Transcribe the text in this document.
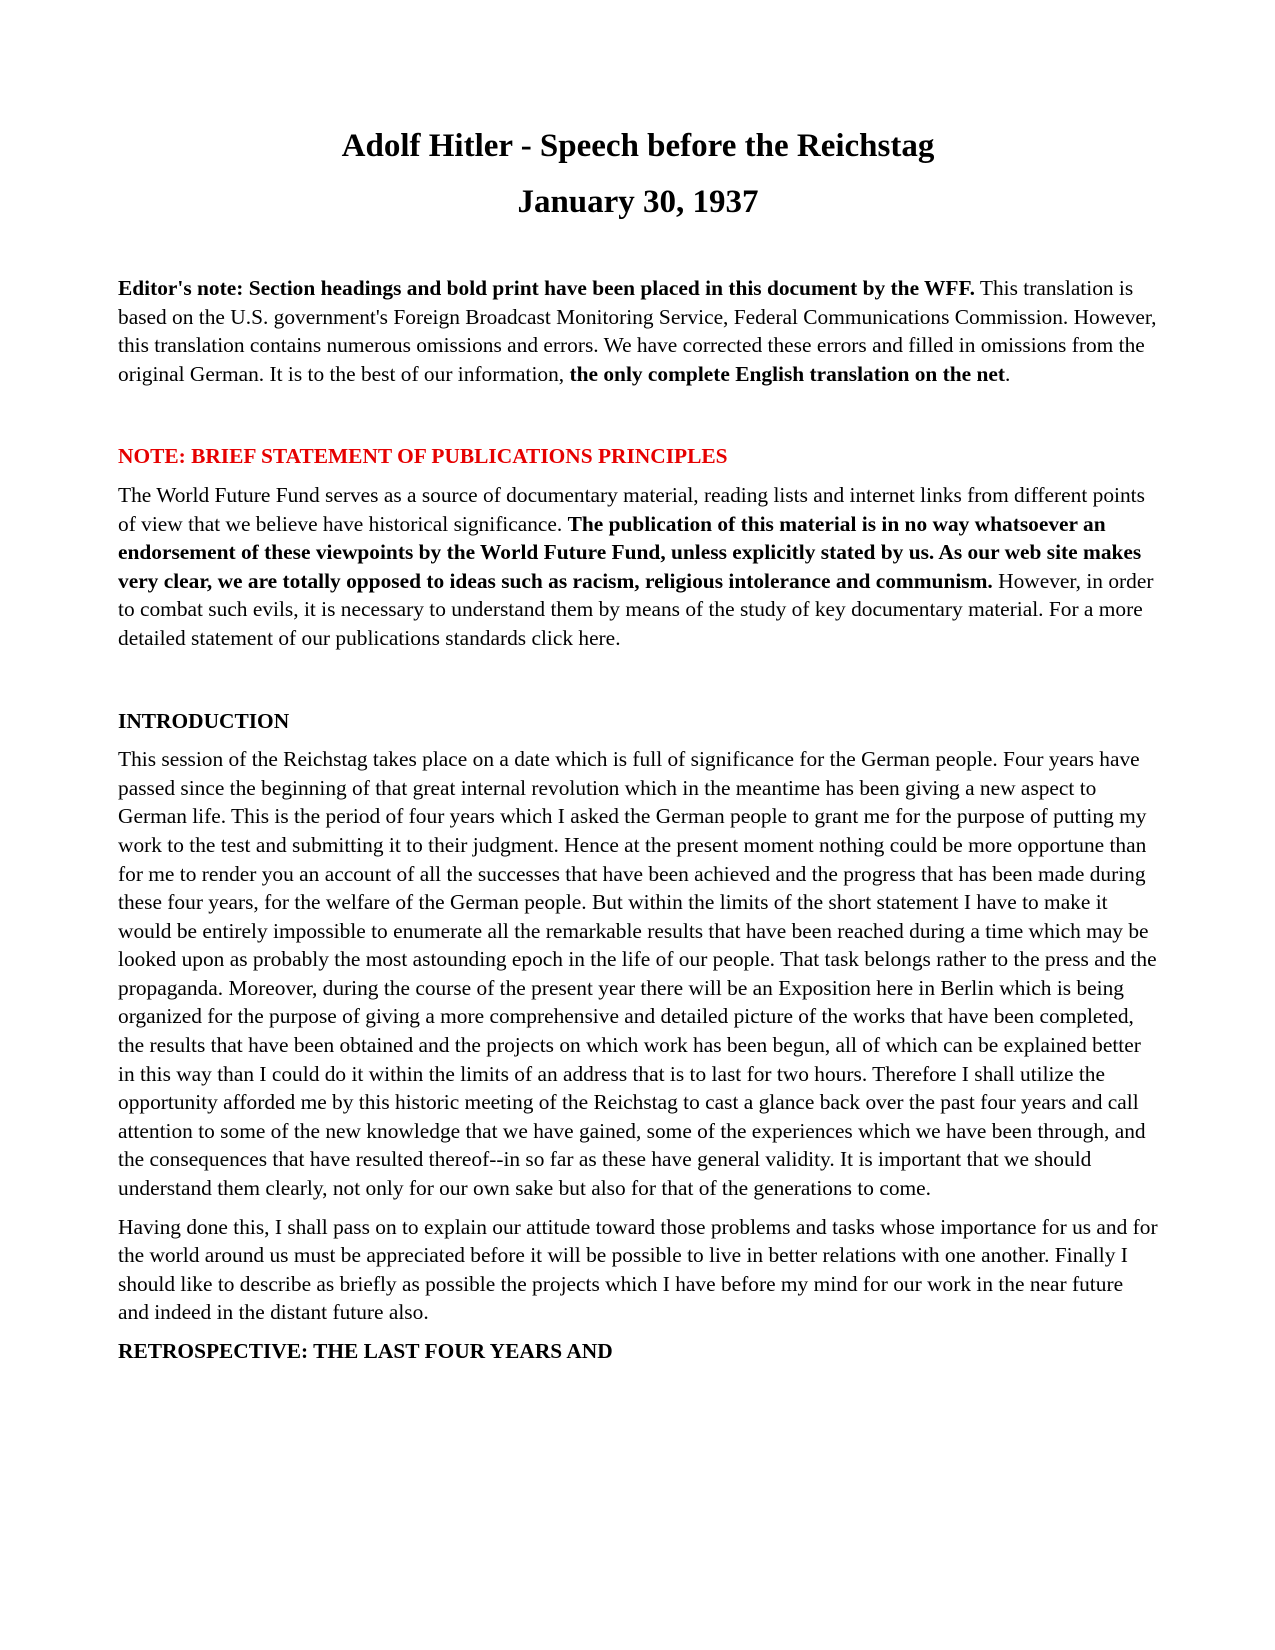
Adolf Hitler - Speech before the Reichstag
January 30, 1937

Editor's note: Section headings and bold print have been placed in this document by the WFF. This translation is based on the U.S. government's Foreign Broadcast Monitoring Service, Federal Communications Commission. However, this translation contains numerous omissions and errors. We have corrected these errors and filled in omissions from the original German. It is to the best of our information, the only complete English translation on the net.

NOTE: BRIEF STATEMENT OF PUBLICATIONS PRINCIPLES

The World Future Fund serves as a source of documentary material, reading lists and internet links from different points of view that we believe have historical significance. The publication of this material is in no way whatsoever an endorsement of these viewpoints by the World Future Fund, unless explicitly stated by us. As our web site makes very clear, we are totally opposed to ideas such as racism, religious intolerance and communism. However, in order to combat such evils, it is necessary to understand them by means of the study of key documentary material. For a more detailed statement of our publications standards click here.

INTRODUCTION

This session of the Reichstag takes place on a date which is full of significance for the German people. Four years have passed since the beginning of that great internal revolution which in the meantime has been giving a new aspect to German life. This is the period of four years which I asked the German people to grant me for the purpose of putting my work to the test and submitting it to their judgment. Hence at the present moment nothing could be more opportune than for me to render you an account of all the successes that have been achieved and the progress that has been made during these four years, for the welfare of the German people. But within the limits of the short statement I have to make it would be entirely impossible to enumerate all the remarkable results that have been reached during a time which may be looked upon as probably the most astounding epoch in the life of our people. That task belongs rather to the press and the propaganda. Moreover, during the course of the present year there will be an Exposition here in Berlin which is being organized for the purpose of giving a more comprehensive and detailed picture of the works that have been completed, the results that have been obtained and the projects on which work has been begun, all of which can be explained better in this way than I could do it within the limits of an address that is to last for two hours. Therefore I shall utilize the opportunity afforded me by this historic meeting of the Reichstag to cast a glance back over the past four years and call attention to some of the new knowledge that we have gained, some of the experiences which we have been through, and the consequences that have resulted thereof--in so far as these have general validity. It is important that we should understand them clearly, not only for our own sake but also for that of the generations to come.

Having done this, I shall pass on to explain our attitude toward those problems and tasks whose importance for us and for the world around us must be appreciated before it will be possible to live in better relations with one another. Finally I should like to describe as briefly as possible the projects which I have before my mind for our work in the near future and indeed in the distant future also.

RETROSPECTIVE: THE LAST FOUR YEARS AND
